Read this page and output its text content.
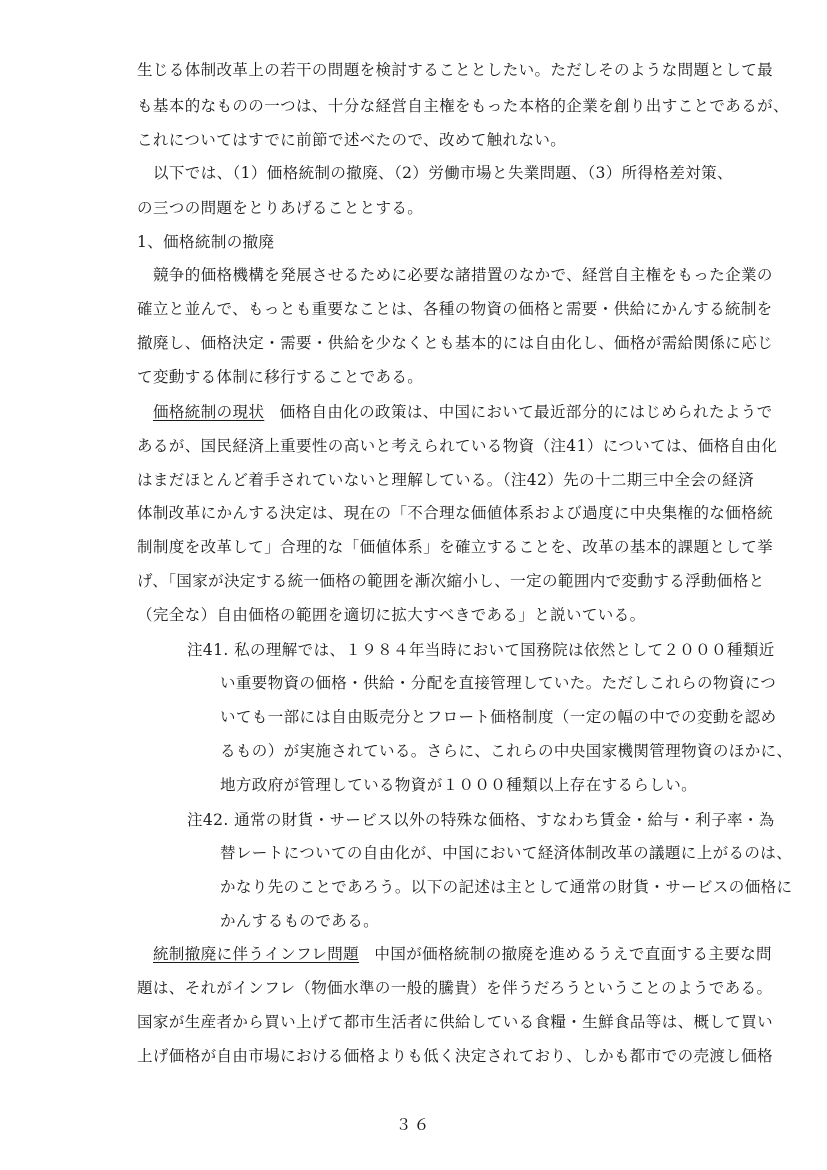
生じる体制改革上の若干の問題を検討することとしたい。ただしそのような問題として最
も基本的なものの一つは、十分な経営自主権をもった本格的企業を創り出すことであるが、
これについてはすでに前節で述べたので、改めて触れない。
以下では、（1）価格統制の撤廃、（2）労働市場と失業問題、（3）所得格差対策、
の三つの問題をとりあげることとする。
1、価格統制の撤廃
競争的価格機構を発展させるために必要な諸措置のなかで、経営自主権をもった企業の
確立と並んで、もっとも重要なことは、各種の物資の価格と需要・供給にかんする統制を
撤廃し、価格決定・需要・供給を少なくとも基本的には自由化し、価格が需給関係に応じ
て変動する体制に移行することである。
価格統制の現状 価格自由化の政策は、中国において最近部分的にはじめられたようで
あるが、国民経済上重要性の高いと考えられている物資（注41）については、価格自由化
はまだほとんど着手されていないと理解している。（注42）先の十二期三中全会の経済
体制改革にかんする決定は、現在の「不合理な価値体系および過度に中央集権的な価格統
制制度を改革して」合理的な「価値体系」を確立することを、改革の基本的課題として挙
げ、「国家が決定する統一価格の範囲を漸次縮小し、一定の範囲内で変動する浮動価格と
（完全な）自由価格の範囲を適切に拡大すべきである」と説いている。
注41. 私の理解では、１９８４年当時において国務院は依然として２０００種類近
い重要物資の価格・供給・分配を直接管理していた。ただしこれらの物資につ
いても一部には自由販売分とフロート価格制度（一定の幅の中での変動を認め
るもの）が実施されている。さらに、これらの中央国家機関管理物資のほかに、
地方政府が管理している物資が１０００種類以上存在するらしい。
注42. 通常の財貨・サービス以外の特殊な価格、すなわち賃金・給与・利子率・為
替レートについての自由化が、中国において経済体制改革の議題に上がるのは、
かなり先のことであろう。以下の記述は主として通常の財貨・サービスの価格に
かんするものである。
統制撤廃に伴うインフレ問題 中国が価格統制の撤廃を進めるうえで直面する主要な問
題は、それがインフレ（物価水準の一般的騰貴）を伴うだろうということのようである。
国家が生産者から買い上げて都市生活者に供給している食糧・生鮮食品等は、概して買い
上げ価格が自由市場における価格よりも低く決定されており、しかも都市での売渡し価格
３６
